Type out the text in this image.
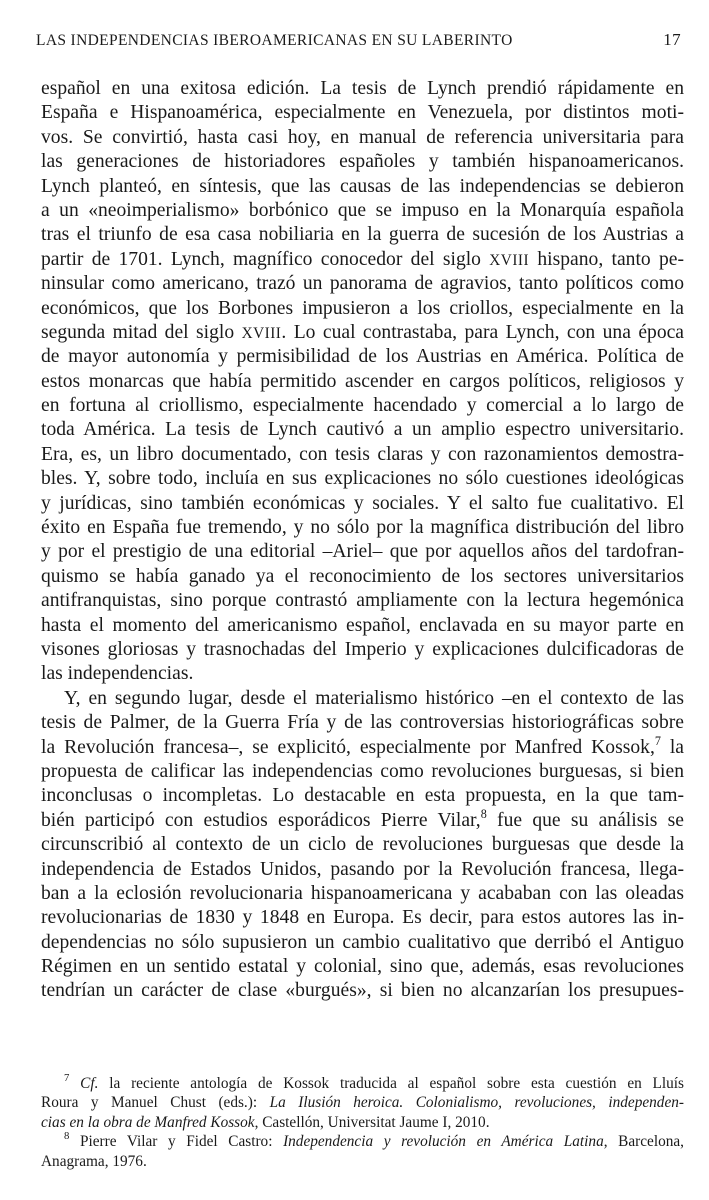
LAS INDEPENDENCIAS IBEROAMERICANAS EN SU LABERINTO	17
español en una exitosa edición. La tesis de Lynch prendió rápidamente en
España e Hispanoamérica, especialmente en Venezuela, por distintos moti-
vos. Se convirtió, hasta casi hoy, en manual de referencia universitaria para
las generaciones de historiadores españoles y también hispanoamericanos.
Lynch planteó, en síntesis, que las causas de las independencias se debieron
a un «neoimperialismo» borbónico que se impuso en la Monarquía española
tras el triunfo de esa casa nobiliaria en la guerra de sucesión de los Austrias a
partir de 1701. Lynch, magnífico conocedor del siglo XVIII hispano, tanto pe-
ninsular como americano, trazó un panorama de agravios, tanto políticos como
económicos, que los Borbones impusieron a los criollos, especialmente en la
segunda mitad del siglo XVIII. Lo cual contrastaba, para Lynch, con una época
de mayor autonomía y permisibilidad de los Austrias en América. Política de
estos monarcas que había permitido ascender en cargos políticos, religiosos y
en fortuna al criollismo, especialmente hacendado y comercial a lo largo de
toda América. La tesis de Lynch cautivó a un amplio espectro universitario.
Era, es, un libro documentado, con tesis claras y con razonamientos demostra-
bles. Y, sobre todo, incluía en sus explicaciones no sólo cuestiones ideológicas
y jurídicas, sino también económicas y sociales. Y el salto fue cualitativo. El
éxito en España fue tremendo, y no sólo por la magnífica distribución del libro
y por el prestigio de una editorial –Ariel– que por aquellos años del tardofran-
quismo se había ganado ya el reconocimiento de los sectores universitarios
antifranquistas, sino porque contrastó ampliamente con la lectura hegemónica
hasta el momento del americanismo español, enclavada en su mayor parte en
visones gloriosas y trasnochadas del Imperio y explicaciones dulcificadoras de
las independencias.
Y, en segundo lugar, desde el materialismo histórico –en el contexto de las
tesis de Palmer, de la Guerra Fría y de las controversias historiográficas sobre
la Revolución francesa–, se explicitó, especialmente por Manfred Kossok,$^7$ la
propuesta de calificar las independencias como revoluciones burguesas, si bien
inconclusas o incompletas. Lo destacable en esta propuesta, en la que tam-
bién participó con estudios esporádicos Pierre Vilar,$^8$ fue que su análisis se
circunscribió al contexto de un ciclo de revoluciones burguesas que desde la
independencia de Estados Unidos, pasando por la Revolución francesa, llega-
ban a la eclosión revolucionaria hispanoamericana y acababan con las oleadas
revolucionarias de 1830 y 1848 en Europa. Es decir, para estos autores las in-
dependencias no sólo supusieron un cambio cualitativo que derribó el Antiguo
Régimen en un sentido estatal y colonial, sino que, además, esas revoluciones
tendrían un carácter de clase «burgués», si bien no alcanzarían los presupues-
$^7$ Cf. la reciente antología de Kossok traducida al español sobre esta cuestión en Lluís
Roura y Manuel Chust (eds.): La Ilusión heroica. Colonialismo, revoluciones, independen-
cias en la obra de Manfred Kossok, Castellón, Universitat Jaume I, 2010.
$^8$ Pierre Vilar y Fidel Castro: Independencia y revolución en América Latina, Barcelona,
Anagrama, 1976.
